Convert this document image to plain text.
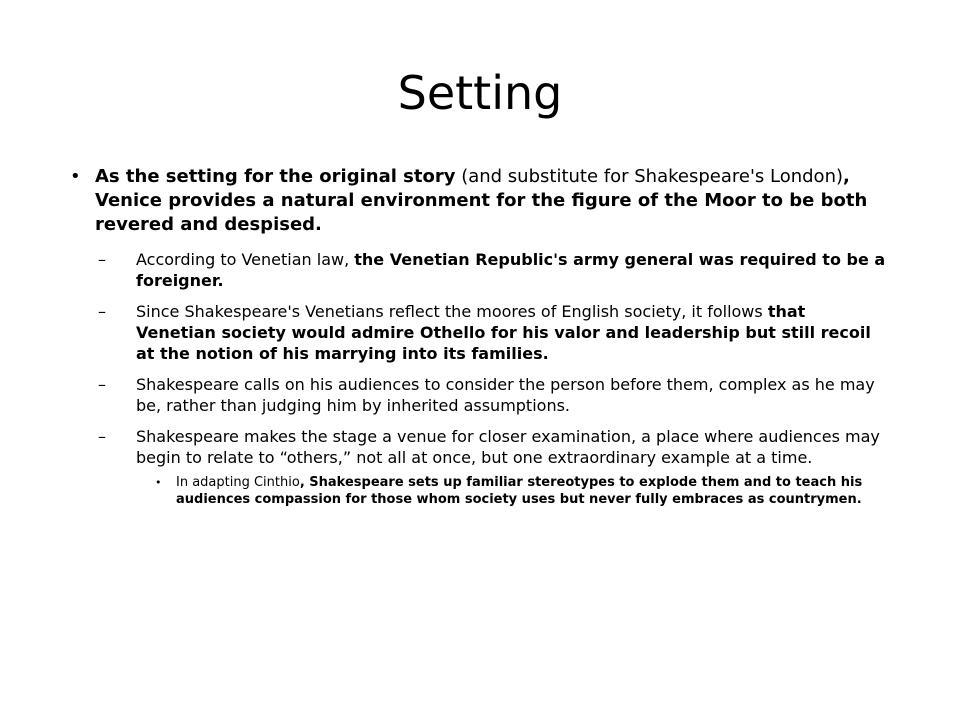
Setting
• As the setting for the original story (and substitute for Shakespeare's London), Venice provides a natural environment for the figure of the Moor to be both revered and despised.
– According to Venetian law, the Venetian Republic's army general was required to be a foreigner.
– Since Shakespeare's Venetians reflect the moores of English society, it follows that Venetian society would admire Othello for his valor and leadership but still recoil at the notion of his marrying into its families.
– Shakespeare calls on his audiences to consider the person before them, complex as he may be, rather than judging him by inherited assumptions.
– Shakespeare makes the stage a venue for closer examination, a place where audiences may begin to relate to “others,” not all at once, but one extraordinary example at a time.
• In adapting Cinthio, Shakespeare sets up familiar stereotypes to explode them and to teach his audiences compassion for those whom society uses but never fully embraces as countrymen.
